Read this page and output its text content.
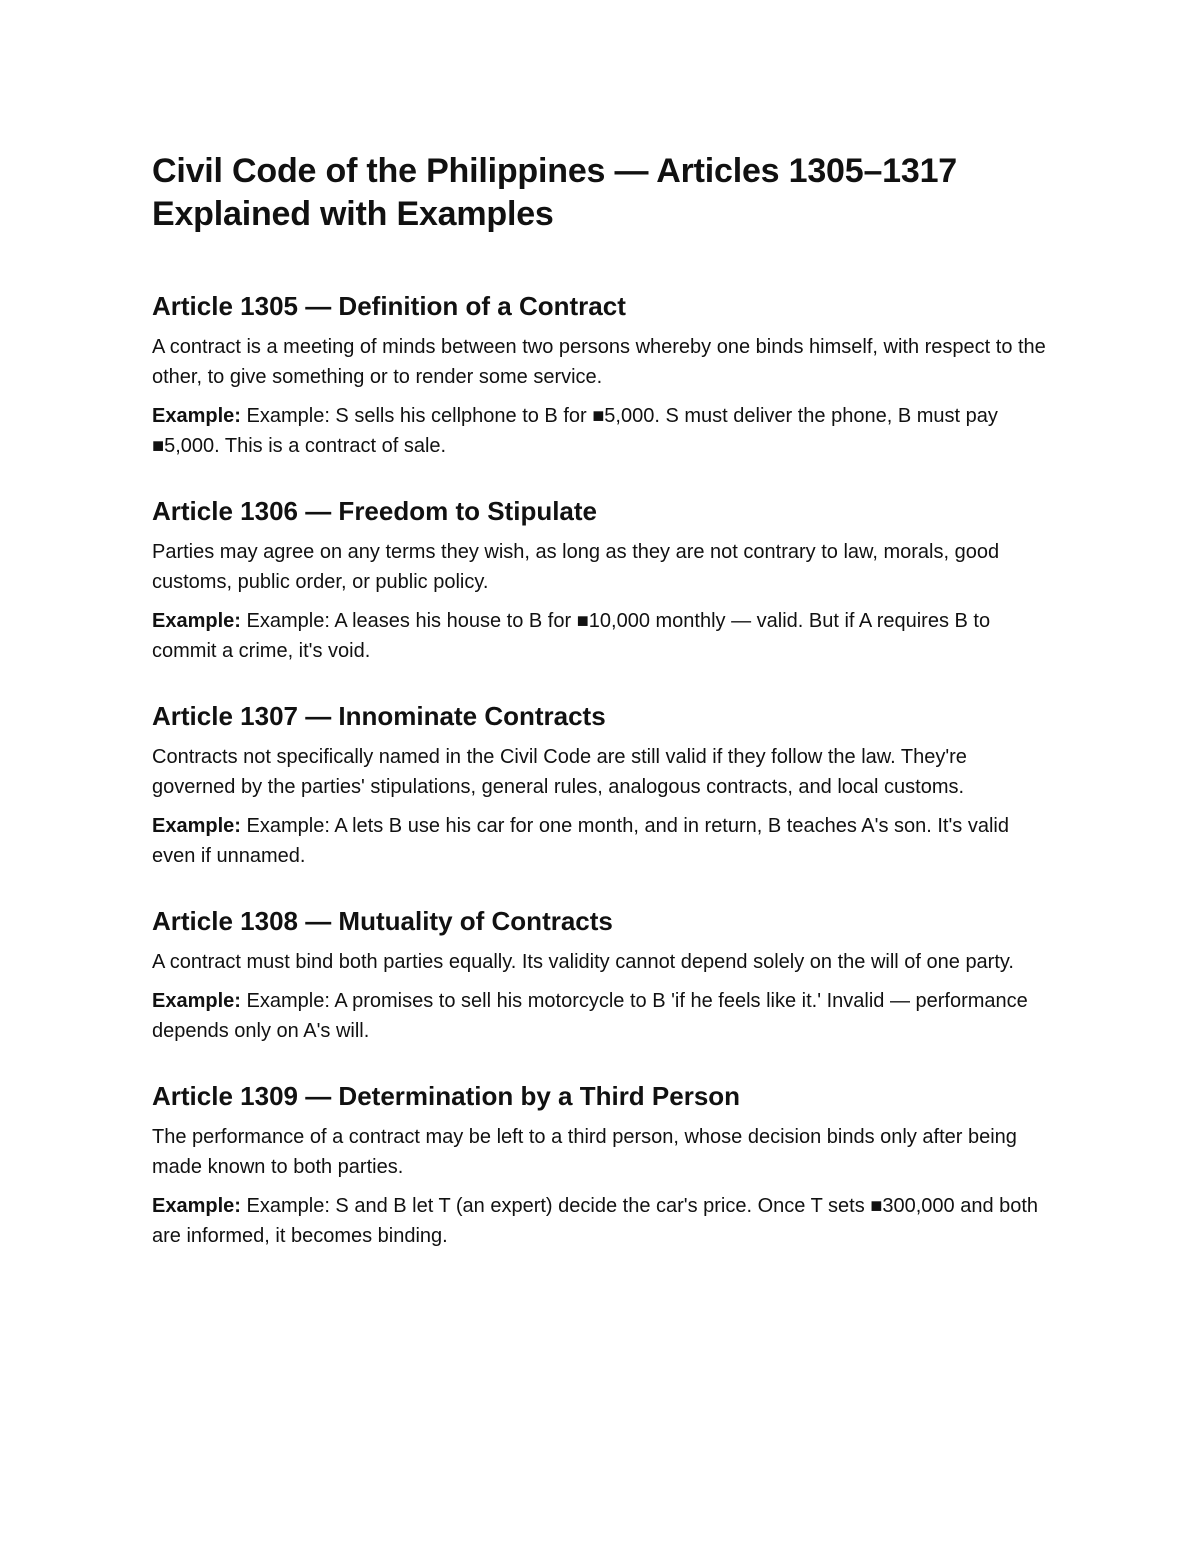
Civil Code of the Philippines — Articles 1305–1317 Explained with Examples
Article 1305 — Definition of a Contract

A contract is a meeting of minds between two persons whereby one binds himself, with respect to the other, to give something or to render some service.

Example: Example: S sells his cellphone to B for ■5,000. S must deliver the phone, B must pay ■5,000. This is a contract of sale.

Article 1306 — Freedom to Stipulate

Parties may agree on any terms they wish, as long as they are not contrary to law, morals, good customs, public order, or public policy.

Example: Example: A leases his house to B for ■10,000 monthly — valid. But if A requires B to commit a crime, it's void.

Article 1307 — Innominate Contracts

Contracts not specifically named in the Civil Code are still valid if they follow the law. They're governed by the parties' stipulations, general rules, analogous contracts, and local customs.

Example: Example: A lets B use his car for one month, and in return, B teaches A's son. It's valid even if unnamed.

Article 1308 — Mutuality of Contracts

A contract must bind both parties equally. Its validity cannot depend solely on the will of one party.

Example: Example: A promises to sell his motorcycle to B 'if he feels like it.' Invalid — performance depends only on A's will.

Article 1309 — Determination by a Third Person

The performance of a contract may be left to a third person, whose decision binds only after being made known to both parties.

Example: Example: S and B let T (an expert) decide the car's price. Once T sets ■300,000 and both are informed, it becomes binding.
